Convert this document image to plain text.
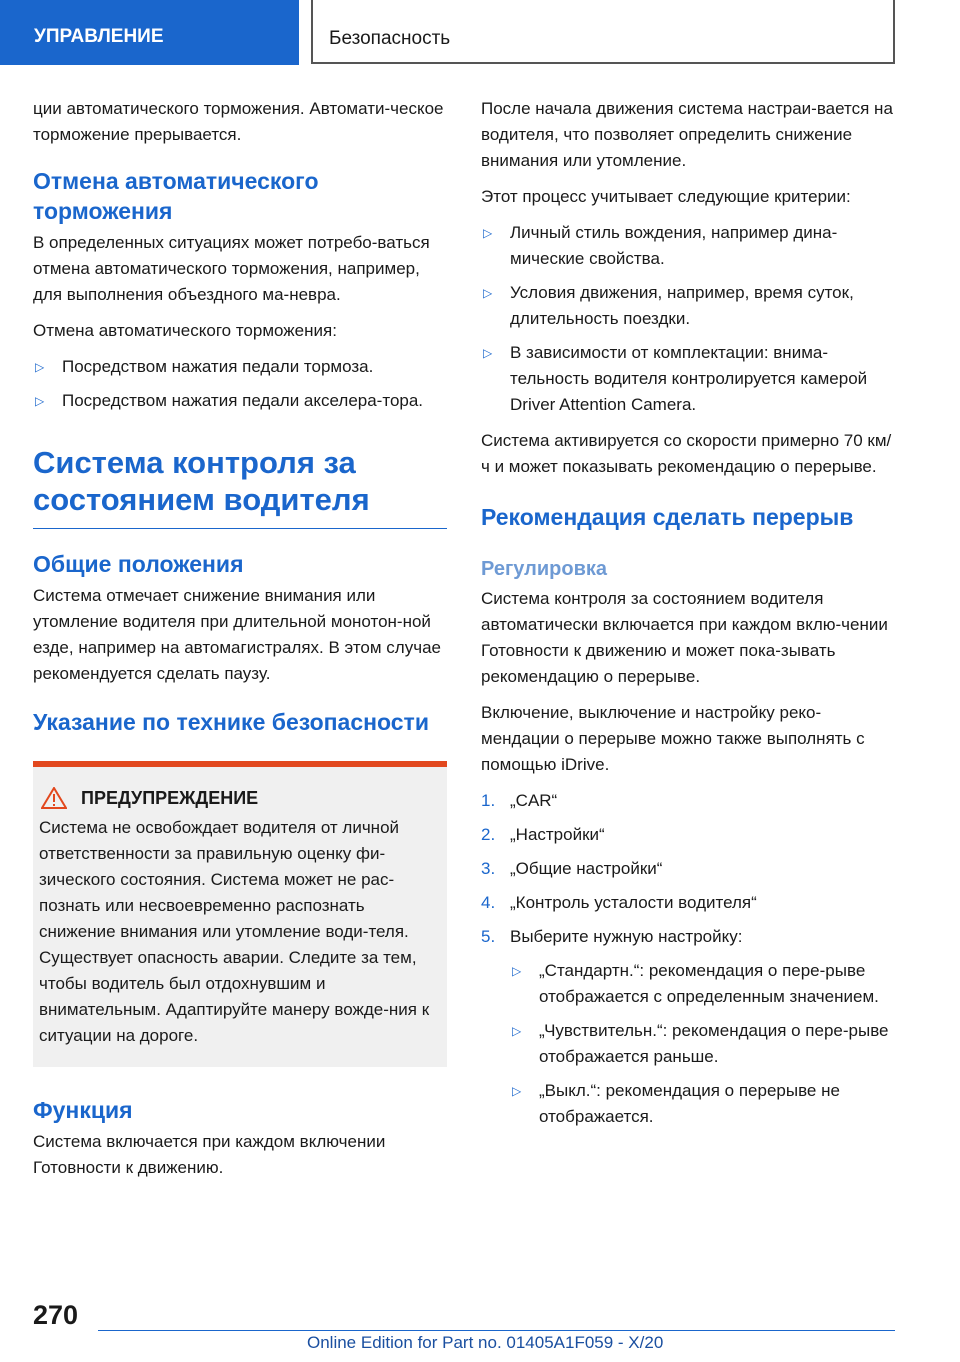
УПРАВЛЕНИЕ	Безопасность

ции автоматического торможения. Автомати-ческое торможение прерывается.

Отмена автоматического торможения

В определенных ситуациях может потребо-ваться отмена автоматического торможения, например, для выполнения объездного ма-невра.

Отмена автоматического торможения:

▷ Посредством нажатия педали тормоза.
▷ Посредством нажатия педали акселера-тора.
Система контроля за состоянием водителя
Общие положения

Система отмечает снижение внимания или утомление водителя при длительной монотон-ной езде, например на автомагистралях. В этом случае рекомендуется сделать паузу.

Указание по технике безопасности
ПРЕДУПРЕЖДЕНИЕ

Система не освобождает водителя от личной ответственности за правильную оценку фи-зического состояния. Система может не рас-познать или несвоевременно распознать снижение внимания или утомление води-теля. Существует опасность аварии. Следите за тем, чтобы водитель был отдохнувшим и внимательным. Адаптируйте манеру вожде-ния к ситуации на дороге.

Функция

Система включается при каждом включении Готовности к движению.

После начала движения система настраи-вается на водителя, что позволяет определить снижение внимания или утомление.

Этот процесс учитывает следующие критерии:

▷ Личный стиль вождения, например дина-мические свойства.
▷ Условия движения, например, время суток, длительность поездки.
▷ В зависимости от комплектации: внима-тельность водителя контролируется камерой Driver Attention Camera.

Система активируется со скорости примерно 70 км/ч и может показывать рекомендацию о перерыве.

Рекомендация сделать перерыв
Регулировка

Система контроля за состоянием водителя автоматически включается при каждом вклю-чении Готовности к движению и может пока-зывать рекомендацию о перерыве.

Включение, выключение и настройку реко-мендации о перерыве можно также выполнять с помощью iDrive.

1. „CAR“
2. „Настройки“
3. „Общие настройки“
4. „Контроль усталости водителя“
5. Выберите нужную настройку:
▷ „Стандартн.“: рекомендация о пере-рыве отображается с определенным значением.
▷ „Чувствительн.“: рекомендация о пере-рыве отображается раньше.
▷ „Выкл.“: рекомендация о перерыве не отображается.
270
Online Edition for Part no. 01405A1F059 - X/20
